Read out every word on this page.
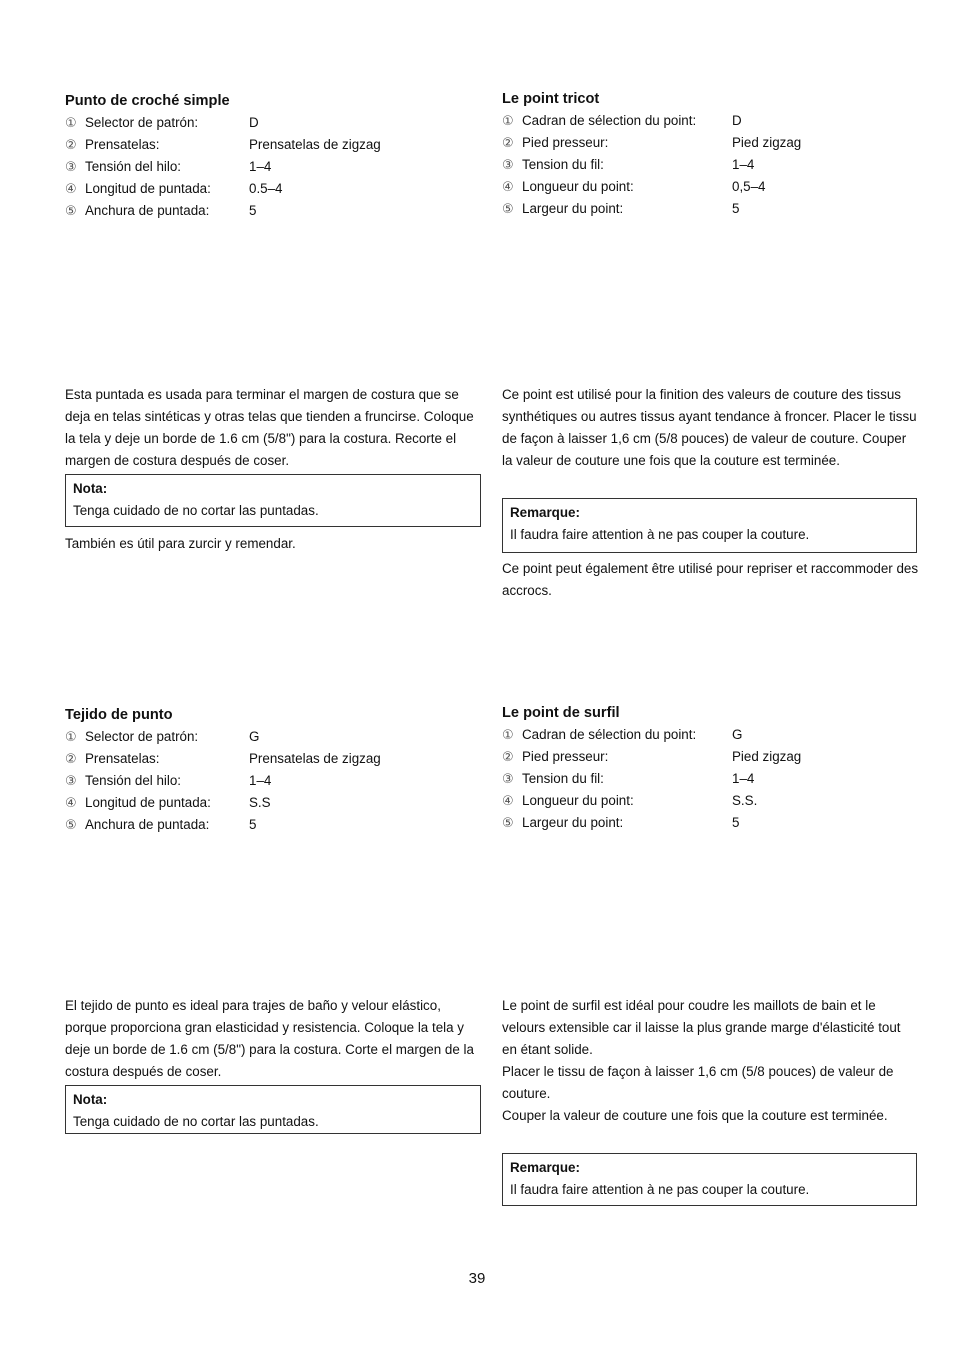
Punto de croché simple
① Selector de patrón:	D
② Prensatelas:	Prensatelas de zigzag
③ Tensión del hilo:	1–4
④ Longitud de puntada:	0.5–4
⑤ Anchura de puntada:	5

Esta puntada es usada para terminar el margen de costura que se deja en telas sintéticas y otras telas que tienden a fruncirse. Coloque la tela y deje un borde de 1.6 cm (5/8") para la costura. Recorte el margen de costura después de coser.

Nota:
Tenga cuidado de no cortar las puntadas.

También es útil para zurcir y remendar.

Le point tricot
① Cadran de sélection du point:	D
② Pied presseur:	Pied zigzag
③ Tension du fil:	1–4
④ Longueur du point:	0,5–4
⑤ Largeur du point:	5

Ce point est utilisé pour la finition des valeurs de couture des tissus synthétiques ou autres tissus ayant tendance à froncer. Placer le tissu de façon à laisser 1,6 cm (5/8 pouces) de valeur de couture. Couper la valeur de couture une fois que la couture est terminée.

Remarque:
Il faudra faire attention à ne pas couper la couture.

Ce point peut également être utilisé pour repriser et raccommoder des accrocs.

Tejido de punto
① Selector de patrón:	G
② Prensatelas:	Prensatelas de zigzag
③ Tensión del hilo:	1–4
④ Longitud de puntada:	S.S
⑤ Anchura de puntada:	5

El tejido de punto es ideal para trajes de baño y velour elástico, porque proporciona gran elasticidad y resistencia. Coloque la tela y deje un borde de 1.6 cm (5/8") para la costura. Corte el margen de la costura después de coser.

Nota:
Tenga cuidado de no cortar las puntadas.
Le point de surfil
① Cadran de sélection du point:	G
② Pied presseur:	Pied zigzag
③ Tension du fil:	1–4
④ Longueur du point:	S.S.
⑤ Largeur du point:	5

Le point de surfil est idéal pour coudre les maillots de bain et le velours extensible car il laisse la plus grande marge d'élasticité tout en étant solide.

Placer le tissu de façon à laisser 1,6 cm (5/8 pouces) de valeur de couture.

Couper la valeur de couture une fois que la couture est terminée.

Remarque:
Il faudra faire attention à ne pas couper la couture.
39
